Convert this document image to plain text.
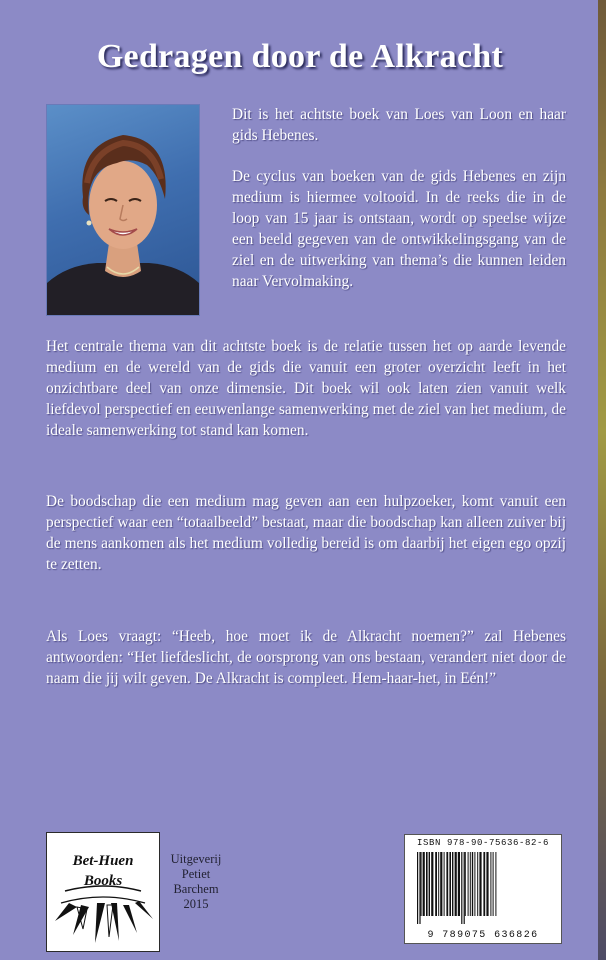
Gedragen door de Alkracht

Dit is het achtste boek van Loes van Loon en haar gids Hebenes.

De cyclus van boeken van de gids Hebenes en zijn medium is hiermee voltooid. In de reeks die in de loop van 15 jaar is ontstaan, wordt op speelse wijze een beeld gegeven van de ontwikkelingsgang van de ziel en de uitwerking van thema’s die kunnen leiden naar Vervolmaking.

Het centrale thema van dit achtste boek is de relatie tussen het op aarde levende medium en de wereld van de gids die vanuit een groter overzicht leeft in het onzichtbare deel van onze dimensie. Dit boek wil ook laten zien vanuit welk liefdevol perspectief en eeuwenlange samenwerking met de ziel van het medium, de ideale samenwerking tot stand kan komen.

De boodschap die een medium mag geven aan een hulpzoeker, komt vanuit een perspectief waar een “totaalbeeld” bestaat, maar die boodschap kan alleen zuiver bij de mens aankomen als het medium volledig bereid is om daarbij het eigen ego opzij te zetten.

Als Loes vraagt: “Heeb, hoe moet ik de Alkracht noemen?” zal Hebenes antwoorden: “Het liefdeslicht, de oorsprong van ons bestaan, verandert niet door de naam die jij wilt geven. De Alkracht is compleet. Hem-haar-het, in Eén!”

Bet-Huen
Books
Uitgeverij
Petiet
Barchem
2015
ISBN 978-90-75636-82-6
9 789075 636826
